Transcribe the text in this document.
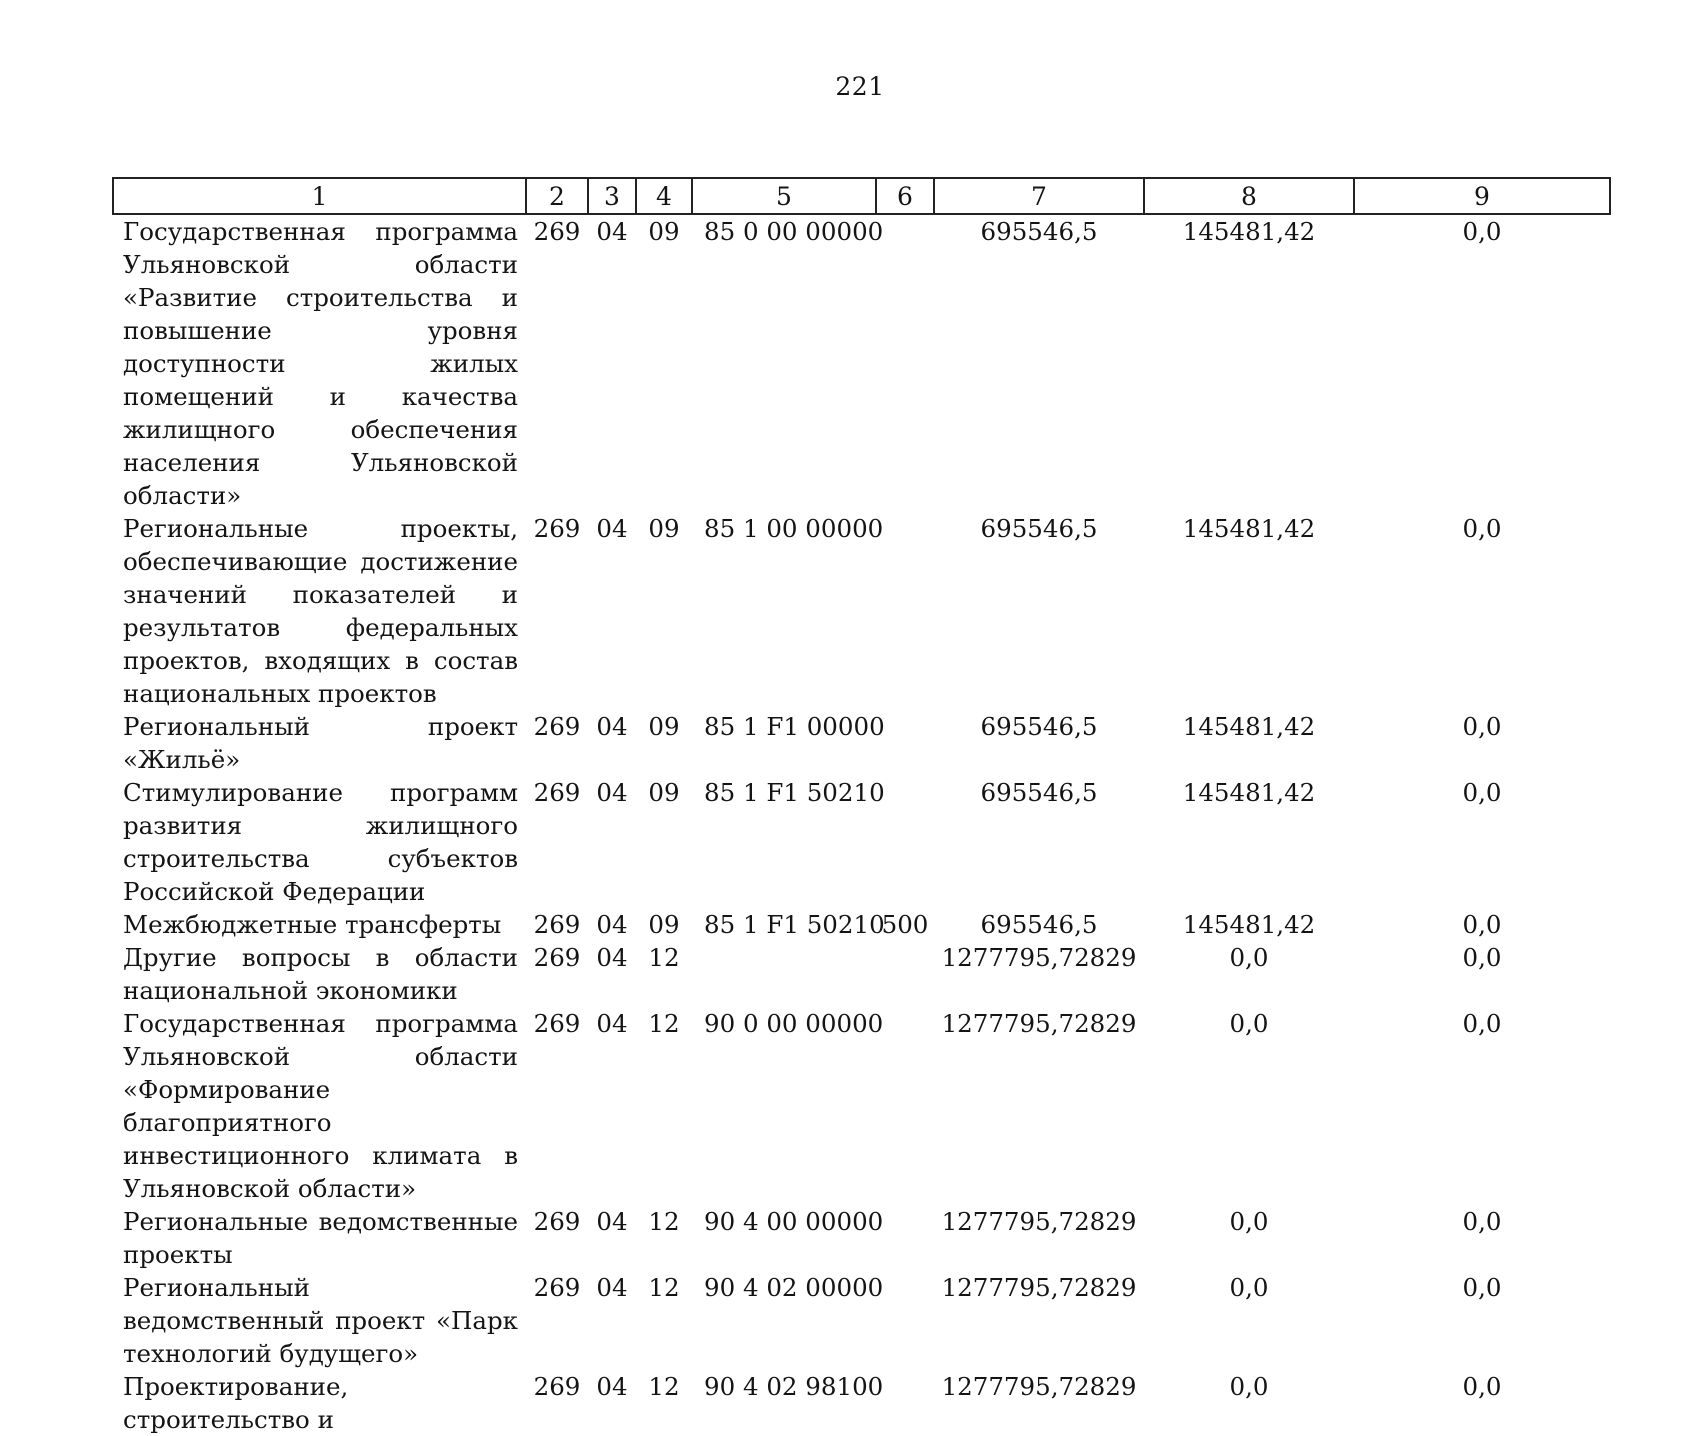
221
1	2	3	4	5	6	7	8	9
Государственная программа Ульяновской области «Развитие строительства и повышение уровня доступности жилых помещений и качества жилищного обеспечения населения Ульяновской области»	269	04	09	85 0 00 00000		695546,5	145481,42	0,0
Региональные проекты, обеспечивающие достижение значений показателей и результатов федеральных проектов, входящих в состав национальных проектов	269	04	09	85 1 00 00000		695546,5	145481,42	0,0
Региональный проект «Жильё»	269	04	09	85 1 F1 00000		695546,5	145481,42	0,0
Стимулирование программ развития жилищного строительства субъектов Российской Федерации	269	04	09	85 1 F1 50210		695546,5	145481,42	0,0
Межбюджетные трансферты	269	04	09	85 1 F1 50210	500	695546,5	145481,42	0,0
Другие вопросы в области национальной экономики	269	04	12			1277795,72829	0,0	0,0
Государственная программа Ульяновской области «Формирование благоприятного инвестиционного климата в Ульяновской области»	269	04	12	90 0 00 00000		1277795,72829	0,0	0,0
Региональные ведомственные проекты	269	04	12	90 4 00 00000		1277795,72829	0,0	0,0
Региональный ведомственный проект «Парк технологий будущего»	269	04	12	90 4 02 00000		1277795,72829	0,0	0,0
Проектирование, строительство и	269	04	12	90 4 02 98100		1277795,72829	0,0	0,0
